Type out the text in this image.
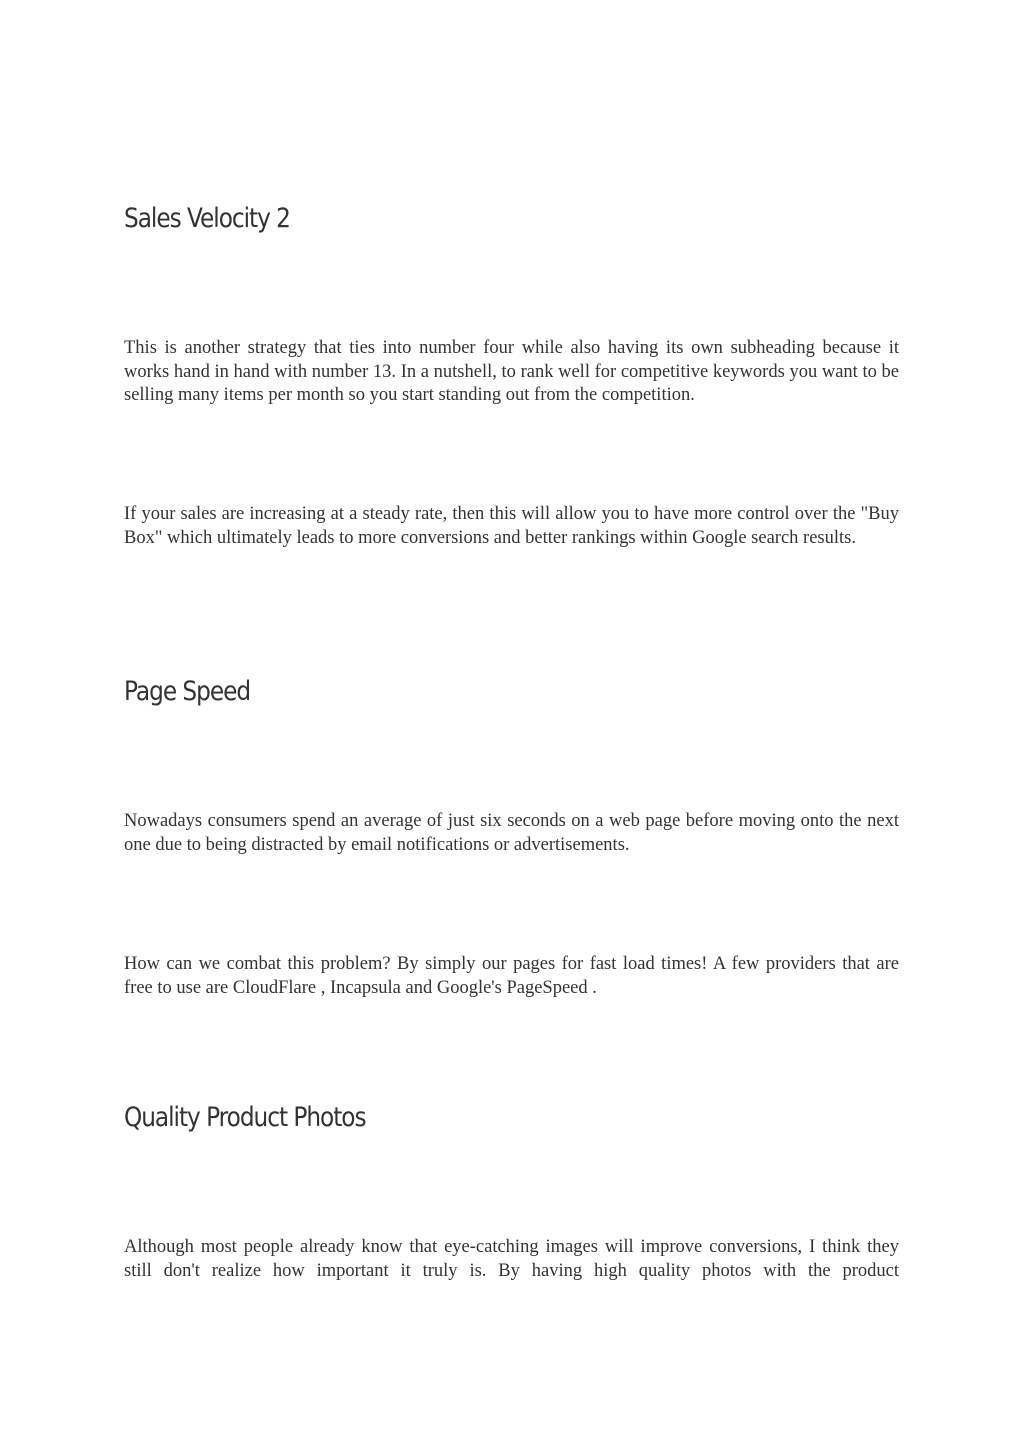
Sales Velocity 2

This is another strategy that ties into number four while also having its own subheading because it works hand in hand with number 13. In a nutshell, to rank well for competitive keywords you want to be selling many items per month so you start standing out from the competition.

If your sales are increasing at a steady rate, then this will allow you to have more control over the "Buy Box" which ultimately leads to more conversions and better rankings within Google search results.

Page Speed

Nowadays consumers spend an average of just six seconds on a web page before moving onto the next one due to being distracted by email notifications or advertisements.

How can we combat this problem? By simply our pages for fast load times! A few providers that are free to use are CloudFlare , Incapsula and Google's PageSpeed .

Quality Product Photos

Although most people already know that eye-catching images will improve conversions, I think they still don't realize how important it truly is. By having high quality photos with the product
